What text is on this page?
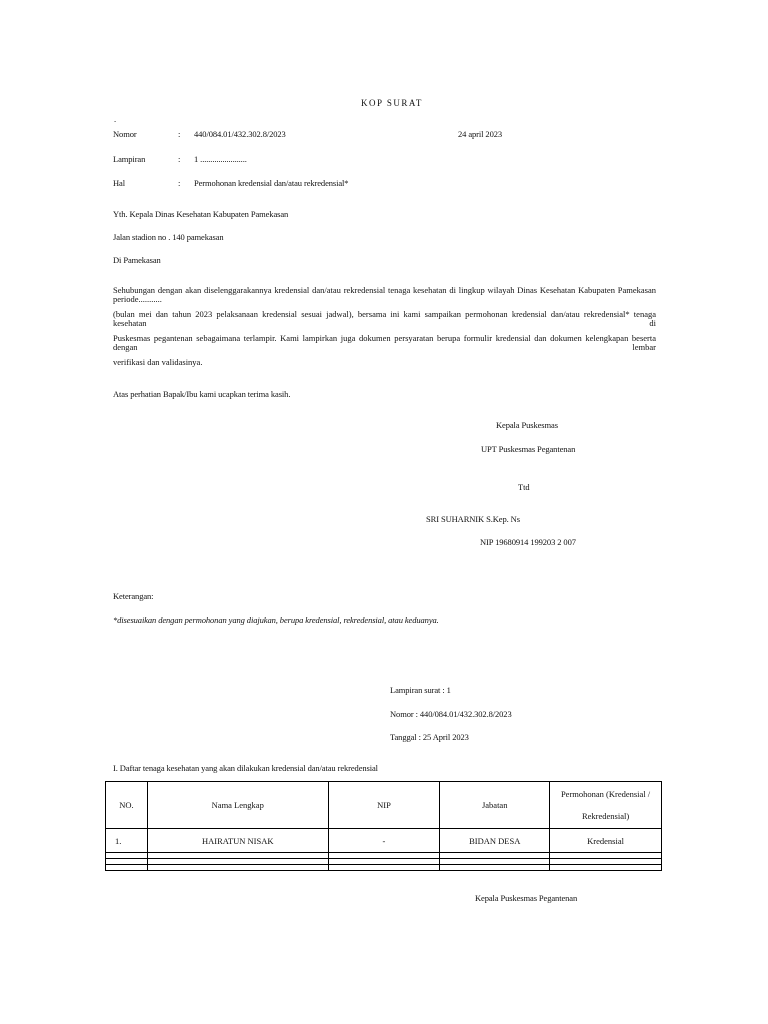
KOP SURAT
.
Nomor	: 440/084.01/432.302.8/2023	24 april 2023
Lampiran	: 1 .......................
Hal	: Permohonan kredensial dan/atau rekredensial*
Yth. Kepala Dinas Kesehatan Kabupaten Pamekasan
Jalan stadion no . 140 pamekasan
Di Pamekasan
Sehubungan dengan akan diselenggarakannya kredensial dan/atau rekredensial tenaga kesehatan di lingkup wilayah Dinas Kesehatan Kabupaten Pamekasan periode...........
(bulan mei dan tahun 2023 pelaksanaan kredensial sesuai jadwal), bersama ini kami sampaikan permohonan kredensial dan/atau rekredensial* tenaga kesehatan di
Puskesmas pegantenan sebagaimana terlampir. Kami lampirkan juga dokumen persyaratan berupa formulir kredensial dan dokumen kelengkapan beserta dengan lembar
verifikasi dan validasinya.
Atas perhatian Bapak/Ibu kami ucapkan terima kasih.
Kepala Puskesmas
UPT Puskesmas Pegantenan
Ttd
SRI SUHARNIK S.Kep. Ns
NIP 19680914 199203 2 007
Keterangan:
*disesuaikan dengan permohonan yang diajukan, berupa kredensial, rekredensial, atau keduanya.
Lampiran surat : 1
Nomor : 440/084.01/432.302.8/2023
Tanggal : 25 April 2023
I. Daftar tenaga kesehatan yang akan dilakukan kredensial dan/atau rekredensial
NO.	Nama Lengkap	NIP	Jabatan	Permohonan (Kredensial /
Rekredensial)

1.	HAIRATUN NISAK	-	BIDAN DESA	Kredensial

Kepala Puskesmas Pegantenan
